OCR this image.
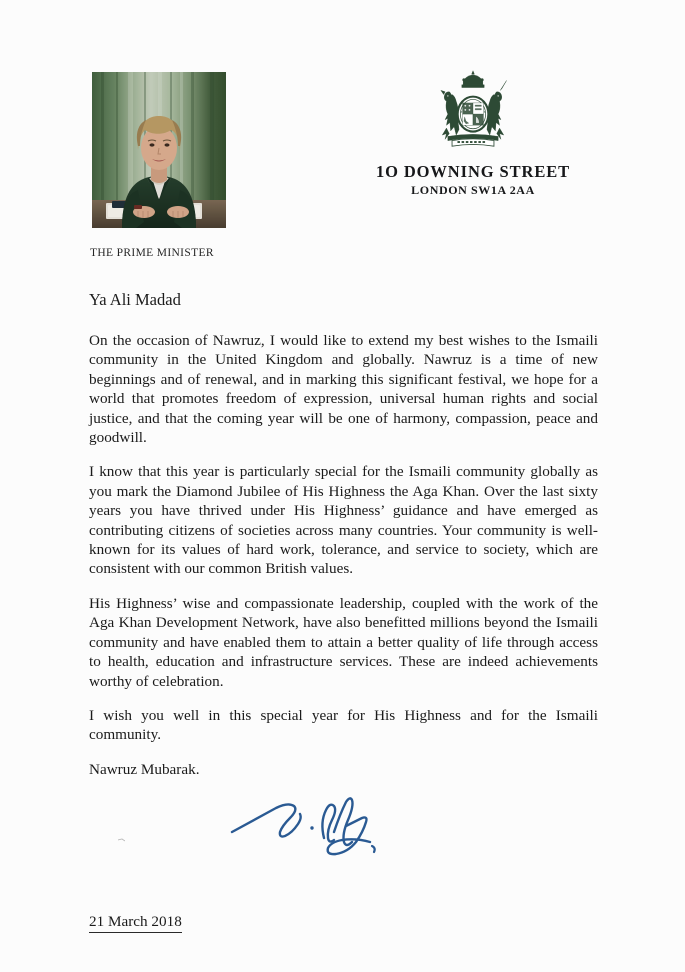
1O DOWNING STREET
LONDON SW1A 2AA
THE PRIME MINISTER

Ya Ali Madad

On the occasion of Nawruz, I would like to extend my best wishes to the Ismaili community in the United Kingdom and globally. Nawruz is a time of new beginnings and of renewal, and in marking this significant festival, we hope for a world that promotes freedom of expression, universal human rights and social justice, and that the coming year will be one of harmony, compassion, peace and goodwill.

I know that this year is particularly special for the Ismaili community globally as you mark the Diamond Jubilee of His Highness the Aga Khan. Over the last sixty years you have thrived under His Highness’ guidance and have emerged as contributing citizens of societies across many countries. Your community is well-known for its values of hard work, tolerance, and service to society, which are consistent with our common British values.

His Highness’ wise and compassionate leadership, coupled with the work of the Aga Khan Development Network, have also benefitted millions beyond the Ismaili community and have enabled them to attain a better quality of life through access to health, education and infrastructure services. These are indeed achievements worthy of celebration.

I wish you well in this special year for His Highness and for the Ismaili community.

Nawruz Mubarak.

21 March 2018
